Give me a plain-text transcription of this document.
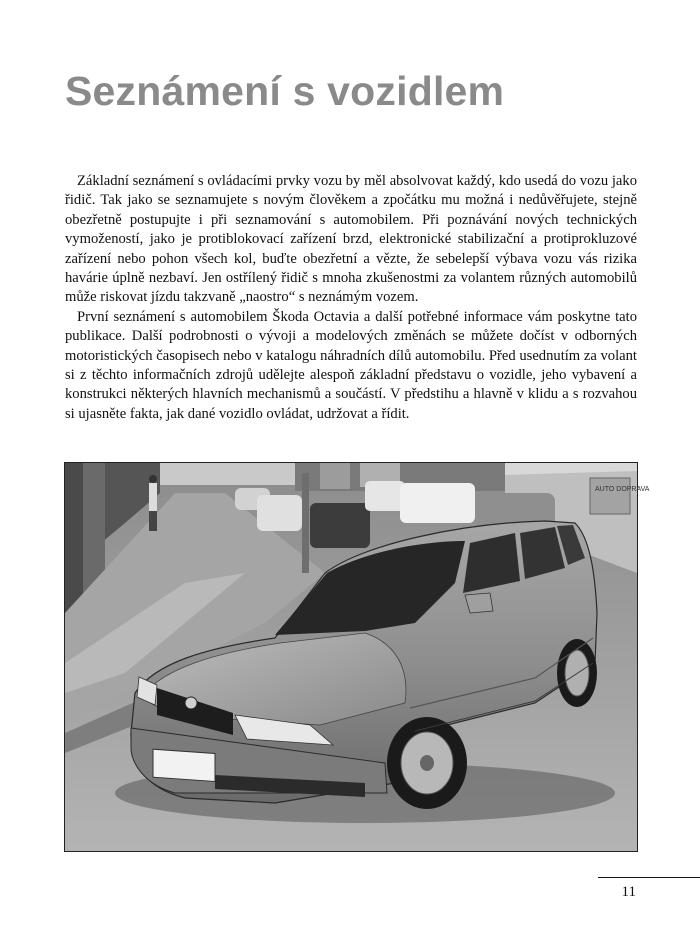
Seznámení s vozidlem

Základní seznámení s ovládacími prvky vozu by měl absolvovat každý, kdo usedá do vozu jako řidič. Tak jako se seznamujete s novým člověkem a zpočátku mu možná i nedůvěřujete, stejně obezřetně postupujte i při seznamování s automobilem. Při poznávání nových technických vymožeností, jako je protiblokovací zařízení brzd, elektronické stabilizační a protiprokluzové zařízení nebo pohon všech kol, buďte obezřetní a vězte, že sebelepší výbava vozu vás rizika havárie úplně nezbaví. Jen ostřílený řidič s mnoha zkušenostmi za volantem různých automobilů může riskovat jízdu takzvaně „naostro“ s neznámým vozem.

První seznámení s automobilem Škoda Octavia a další potřebné informace vám poskytne tato publikace. Další podrobnosti o vývoji a modelových změnách se můžete dočíst v odborných motoristických časopisech nebo v katalogu náhradních dílů automobilu. Před usednutím za volant si z těchto informačních zdrojů udělejte alespoň základní představu o vozidle, jeho vybavení a konstrukci některých hlavních mechanismů a součástí. V předstihu a hlavně v klidu a s rozvahou si ujasněte fakta, jak dané vozidlo ovládat, udržovat a řídit.

AUTO DOPRAVA
11
